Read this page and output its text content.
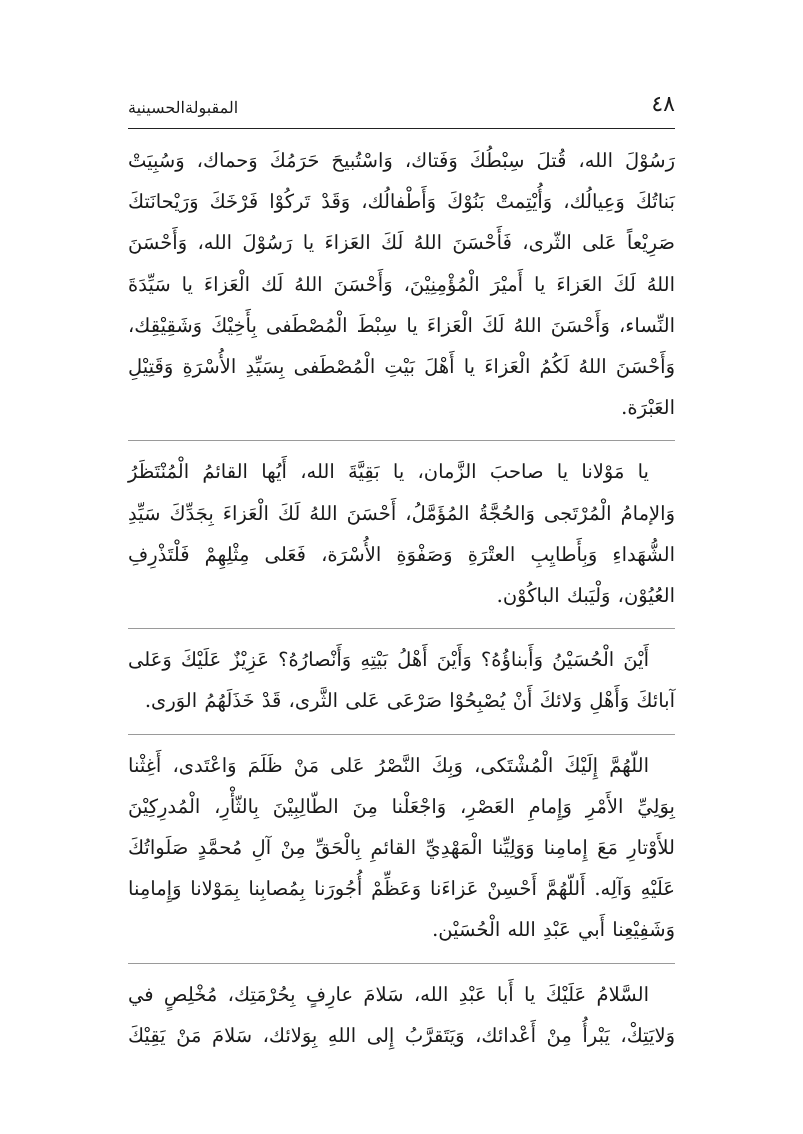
المقبولةالحسينية	٤٨

رَسُوْلَ الله، قُتلَ سِبْطُكَ وَفَتاك، وَاسْتُبيحَ حَرَمُكَ وَحماك، وَسُبِيَتْ بَناتُكَ وَعِيالُك، وَأُيْتِمتْ بَنُوْكَ وَأَطْفالُك، وَقَدْ تَركُوْا فَرْخَكَ وَرَيْحانَتكَ صَرِيْعاً عَلى الثّرى، فَأَحْسَنَ اللهُ لَكَ العَزاءَ يا رَسُوْلَ الله، وَأَحْسَنَ اللهُ لَكَ العَزاءَ يا أَميْرَ الْمُؤْمِنِيْنَ، وَأَحْسَنَ اللهُ لَك الْعَزاءَ يا سَيِّدَةَ النِّساء، وَأَحْسَنَ اللهُ لَكَ الْعَزاءَ يا سِبْطَ الْمُصْطَفى بِأَخِيْكَ وَشَقِيْقِك، وَأَحْسَنَ اللهُ لَكُمُ الْعَزاءَ يا أَهْلَ بَيْتِ الْمُصْطَفى بِسَيِّدِ الأُسْرَةِ وَقَتِيْلِ العَبْرَة.

يا مَوْلانا يا صاحبَ الزَّمان، يا بَقِيَّةَ الله، أَيُها القائمُ الْمُنْتَظَرُ وَالإمامُ الْمُرْتَجى وَالحُجَّةُ المُؤَمَّلُ، أَحْسَنَ اللهُ لَكَ الْعَزاءَ بِجَدِّكَ سَيِّدِ الشُّهَداءِ وَبِأَطايِبِ العتْرَةِ وَصَفْوَةِ الأُسْرَة، فَعَلى مِثْلِهِمْ فَلْتَذْرِفِ العُيُوْن، وَلْيَبك الباكُوْن.

أَيْنَ الْحُسَيْنُ وَأَبناؤُهُ؟ وَأَيْنَ أَهْلُ بَيْتِهِ وَأَنْصارُهُ؟ عَزِيْزٌ عَلَيْكَ وَعَلى آبائكَ وَأَهْلِ وَلائكَ أَنْ يُصْبِحُوْا صَرْعَى عَلى الثَّرى، قَدْ خَذَلَهُمُ الوَرى.

اللّهُمَّ إِلَيْكَ الْمُشْتَكى، وَبِكَ النَّصْرُ عَلى مَنْ ظَلَمَ وَاعْتَدى، أَغِثْنا بِوَلِيِّ الأَمْرِ وَإِمامِ العَصْرِ، وَاجْعَلْنا مِنَ الطّالِبِيْنَ بِالثّأْرِ، الْمُدرِكِيْنَ للأَوْتارِ مَعَ إِمامِنا وَوَلِيِّنا الْمَهْدِيِّ القائمِ بِالْحَقِّ مِنْ آلِ مُحمَّدٍ صَلَواتُكَ عَلَيْهِ وَآلِه. أَللّهُمَّ أَحْسِنْ عَزاءَنا وَعَظِّمْ أُجُورَنا بِمُصابِنا بِمَوْلانا وَإِمامِنا وَشَفِيْعِنا أَبي عَبْدِ الله الْحُسَيْن.

السَّلامُ عَلَيْكَ يا أَبا عَبْدِ الله، سَلامَ عارِفٍ بِحُرْمَتِك، مُخْلِصٍ في وَلايَتِكْ، يَبْرأُ مِنْ أَعْدائك، وَيَتَقرَّبُ إِلى اللهِ بِوَلائك، سَلامَ مَنْ يَقِيْكَ
